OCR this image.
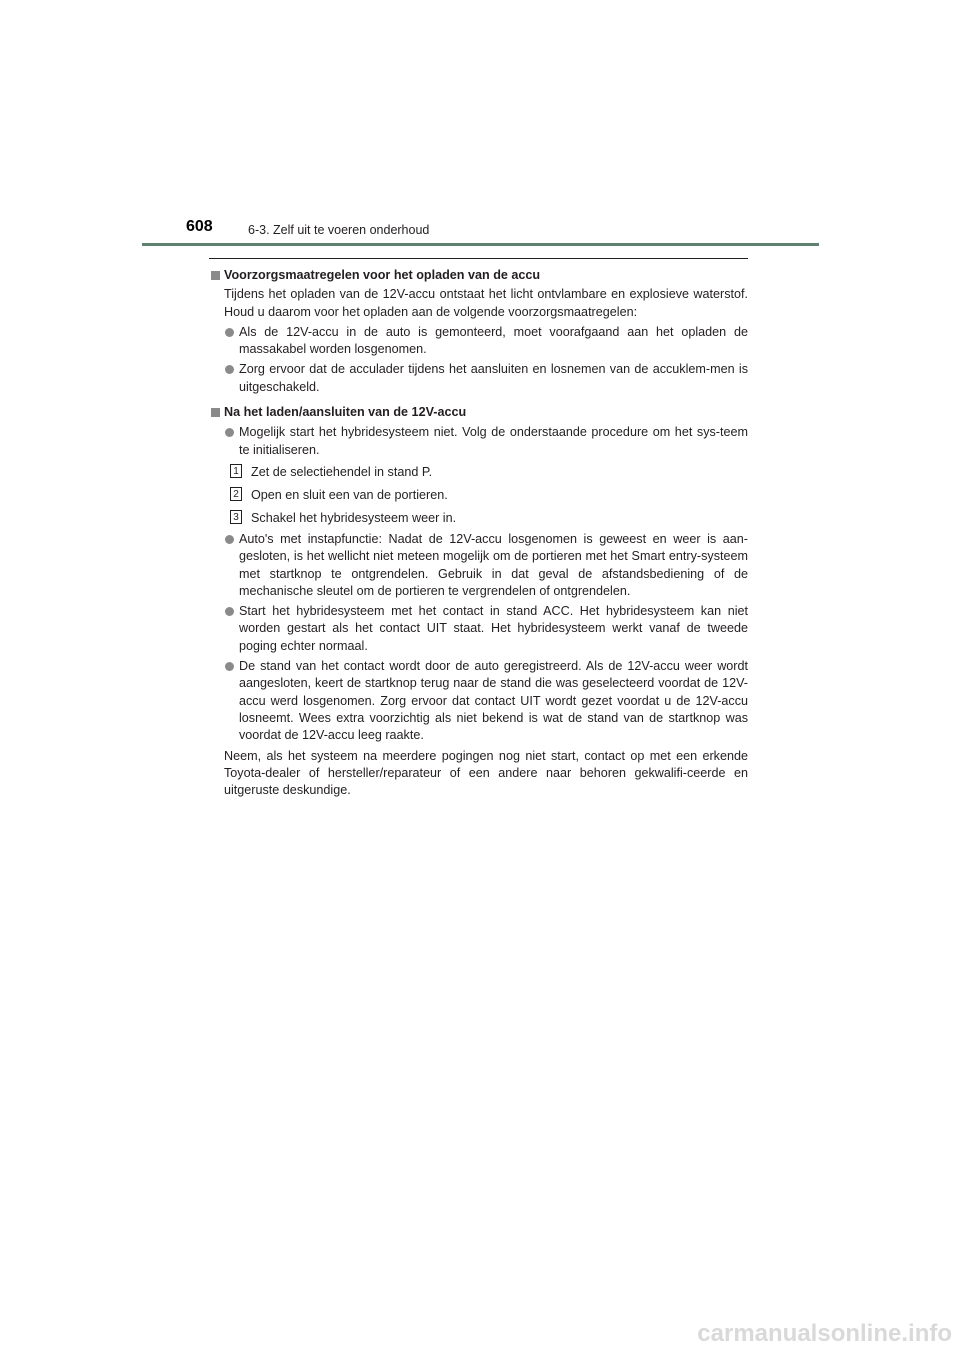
608	6-3. Zelf uit te voeren onderhoud
Voorzorgsmaatregelen voor het opladen van de accu
Tijdens het opladen van de 12V-accu ontstaat het licht ontvlambare en explosieve waterstof. Houd u daarom voor het opladen aan de volgende voorzorgsmaatregelen:
Als de 12V-accu in de auto is gemonteerd, moet voorafgaand aan het opladen de massakabel worden losgenomen.
Zorg ervoor dat de acculader tijdens het aansluiten en losnemen van de accuklem-men is uitgeschakeld.
Na het laden/aansluiten van de 12V-accu
Mogelijk start het hybridesysteem niet. Volg de onderstaande procedure om het sys-teem te initialiseren.
1 Zet de selectiehendel in stand P.
2 Open en sluit een van de portieren.
3 Schakel het hybridesysteem weer in.
Auto's met instapfunctie: Nadat de 12V-accu losgenomen is geweest en weer is aan-gesloten, is het wellicht niet meteen mogelijk om de portieren met het Smart entry-systeem met startknop te ontgrendelen. Gebruik in dat geval de afstandsbediening of de mechanische sleutel om de portieren te vergrendelen of ontgrendelen.
Start het hybridesysteem met het contact in stand ACC. Het hybridesysteem kan niet worden gestart als het contact UIT staat. Het hybridesysteem werkt vanaf de tweede poging echter normaal.
De stand van het contact wordt door de auto geregistreerd. Als de 12V-accu weer wordt aangesloten, keert de startknop terug naar de stand die was geselecteerd voordat de 12V-accu werd losgenomen. Zorg ervoor dat contact UIT wordt gezet voordat u de 12V-accu losneemt. Wees extra voorzichtig als niet bekend is wat de stand van de startknop was voordat de 12V-accu leeg raakte.
Neem, als het systeem na meerdere pogingen nog niet start, contact op met een erkende Toyota-dealer of hersteller/reparateur of een andere naar behoren gekwalifi-ceerde en uitgeruste deskundige.
carmanualsonline.info
